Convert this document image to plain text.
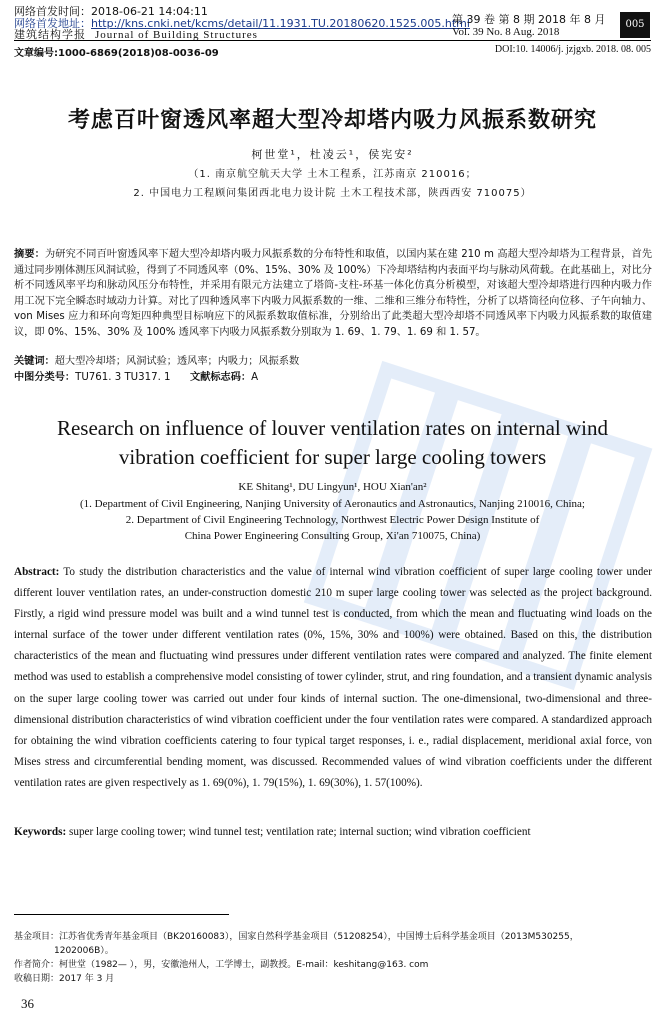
网络首发时间：2018-06-21 14:04:11
网络首发地址：http://kns.cnki.net/kcms/detail/11.1931.TU.20180620.1525.005.html
建筑结构学报 Journal of Building Structures
第 39 卷 第 8 期 2018 年 8 月
Vol. 39 No. 8 Aug. 2018
005
文章编号:1000-6869(2018)08-0036-09	DOI:10. 14006/j. jzjgxb. 2018. 08. 005
考虑百叶窗透风率超大型冷却塔内吸力风振系数研究
柯世堂¹，杜凌云¹，侯宪安²
（1. 南京航空航天大学 土木工程系，江苏南京 210016；
2. 中国电力工程顾问集团西北电力设计院 土木工程技术部，陕西西安 710075）
摘要：为研究不同百叶窗透风率下超大型冷却塔内吸力风振系数的分布特性和取值，以国内某在建 210 m 高超大型冷却塔为工程背景，首先通过同步刚体测压风洞试验，得到了不同透风率（0%、15%、30% 及 100%）下冷却塔结构内表面平均与脉动风荷载。在此基础上，对比分析不同透风率平均和脉动风压分布特性，并采用有限元方法建立了塔筒-支柱-环基一体化仿真分析模型，对该超大型冷却塔进行四种内吸力作用工况下完全瞬态时域动力计算。对比了四种透风率下内吸力风振系数的一维、二维和三维分布特性，分析了以塔筒径向位移、子午向轴力、von Mises 应力和环向弯矩四种典型目标响应下的风振系数取值标准，分别给出了此类超大型冷却塔不同透风率下内吸力风振系数的取值建议，即 0%、15%、30% 及 100% 透风率下内吸力风振系数分别取为 1. 69、1. 79、1. 69 和 1. 57。
关键词：超大型冷却塔；风洞试验；透风率；内吸力；风振系数
中图分类号：TU761. 3 TU317. 1 文献标志码：A
Research on influence of louver ventilation rates on internal wind
vibration coefficient for super large cooling towers
KE Shitang¹, DU Lingyun¹, HOU Xian'an²
(1. Department of Civil Engineering, Nanjing University of Aeronautics and Astronautics, Nanjing 210016, China;
2. Department of Civil Engineering Technology, Northwest Electric Power Design Institute of
China Power Engineering Consulting Group, Xi'an 710075, China)
Abstract: To study the distribution characteristics and the value of internal wind vibration coefficient of super large cooling tower under different louver ventilation rates, an under-construction domestic 210 m super large cooling tower was selected as the project background. Firstly, a rigid wind pressure model was built and a wind tunnel test is conducted, from which the mean and fluctuating wind loads on the internal surface of the tower under different ventilation rates (0%, 15%, 30% and 100%) were obtained. Based on this, the distribution characteristics of the mean and fluctuating wind pressures under different ventilation rates were compared and analyzed. The finite element method was used to establish a comprehensive model consisting of tower cylinder, strut, and ring foundation, and a transient dynamic analysis on the super large cooling tower was carried out under four kinds of internal suction. The one-dimensional, two-dimensional and three-dimensional distribution characteristics of wind vibration coefficient under the four ventilation rates were compared. A standardized approach for obtaining the wind vibration coefficients catering to four typical target responses, i. e., radial displacement, meridional axial force, von Mises stress and circumferential bending moment, was discussed. Recommended values of wind vibration coefficients under the different ventilation rates are given respectively as 1. 69(0%), 1. 79(15%), 1. 69(30%), 1. 57(100%).
Keywords: super large cooling tower; wind tunnel test; ventilation rate; internal suction; wind vibration coefficient
基金项目：江苏省优秀青年基金项目（BK20160083），国家自然科学基金项目（51208254），中国博士后科学基金项目（2013M530255，
1202006B）。
作者简介：柯世堂（1982— ），男，安徽池州人，工学博士，副教授。E-mail：keshitang@163. com
收稿日期：2017 年 3 月
36
